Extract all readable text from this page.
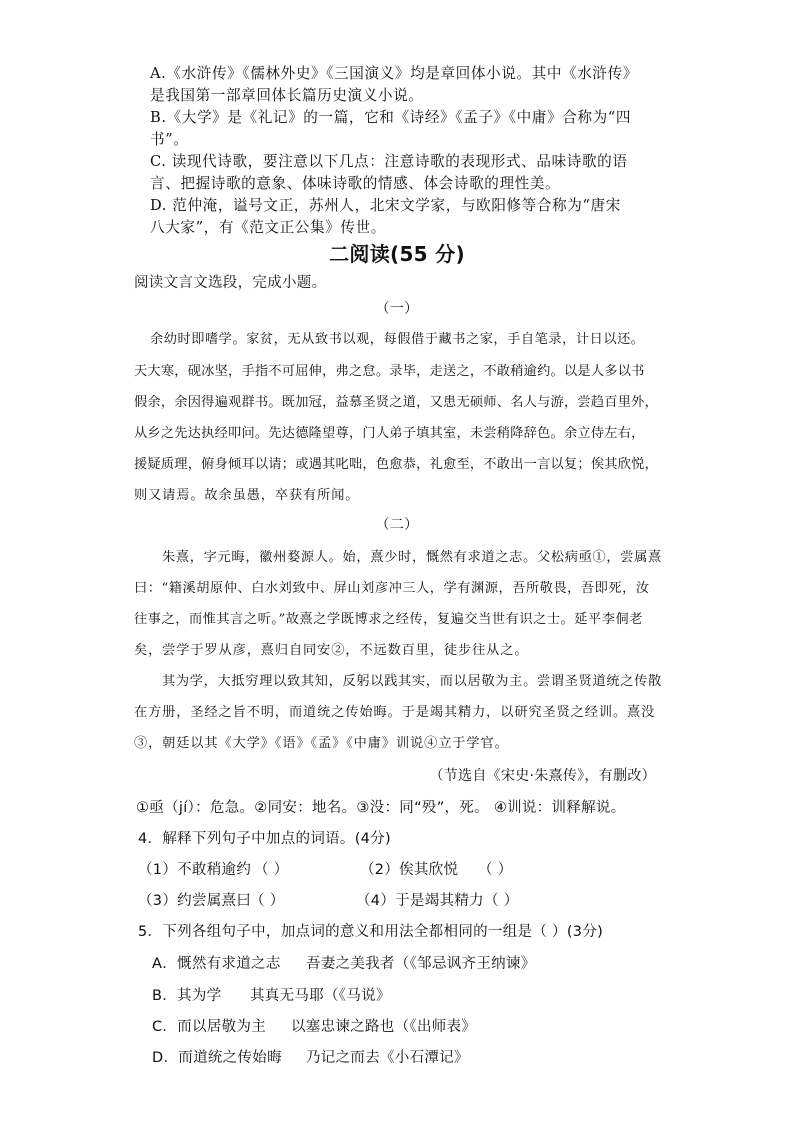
A.《水浒传》《儒林外史》《三国演义》均是章回体小说。其中《水浒传》
是我国第一部章回体长篇历史演义小说。
B.《大学》是《礼记》的一篇，它和《诗经》《孟子》《中庸》合称为“四
书”。
C. 读现代诗歌，要注意以下几点：注意诗歌的表现形式、品味诗歌的语
言、把握诗歌的意象、体味诗歌的情感、体会诗歌的理性美。
D. 范仲淹，谥号文正，苏州人，北宋文学家，与欧阳修等合称为“唐宋
八大家”，有《范文正公集》传世。
二阅读(55 分)
阅读文言文选段，完成小题。
（一）
余幼时即嗜学。家贫，无从致书以观，每假借于藏书之家，手自笔录，计日以还。
天大寒，砚冰坚，手指不可屈伸，弗之怠。录毕，走送之，不敢稍逾约。以是人多以书
假余，余因得遍观群书。既加冠，益慕圣贤之道，又患无硕师、名人与游，尝趋百里外，
从乡之先达执经叩问。先达德隆望尊，门人弟子填其室，未尝稍降辞色。余立侍左右，
援疑质理，俯身倾耳以请；或遇其叱咄，色愈恭，礼愈至，不敢出一言以复；俟其欣悦，
则又请焉。故余虽愚，卒获有所闻。
（二）
朱熹，字元晦，徽州婺源人。始，熹少时，慨然有求道之志。父松病亟①，尝属熹
曰：“籍溪胡原仲、白水刘致中、屏山刘彦冲三人，学有渊源，吾所敬畏，吾即死，汝
往事之，而惟其言之听。”故熹之学既博求之经传，复遍交当世有识之士。延平李侗老
矣，尝学于罗从彦，熹归自同安②，不远数百里，徒步往从之。
其为学，大抵穷理以致其知，反躬以践其实，而以居敬为主。尝谓圣贤道统之传散
在方册，圣经之旨不明，而道统之传始晦。于是竭其精力，以研究圣贤之经训。熹没
③，朝廷以其《大学》《语》《孟》《中庸》训说④立于学官。
（节选自《宋史·朱熹传》，有删改）
①亟（jí）：危急。②同安：地名。③没：同“殁”，死。 ④训说：训释解说。
4．解释下列句子中加点的词语。(4分)
（1）不敢稍逾约 （ ）	（2）俟其欣悦 （ ）
（3）约尝属熹曰
（ ）	（4）于是竭其精力 （ ）
5．下列各组句子中，加点词的意义和用法全都相同的一组是（ ）(3分)
A．慨然有求道之志 吾妻之美我者（《邹忌讽齐王纳谏》
B．其为学 其真无马耶（《马说》
C．而以居敬为主 以塞忠谏之路也（《出师表》
D．而道统之传始晦 乃记之而去《小石潭记》
